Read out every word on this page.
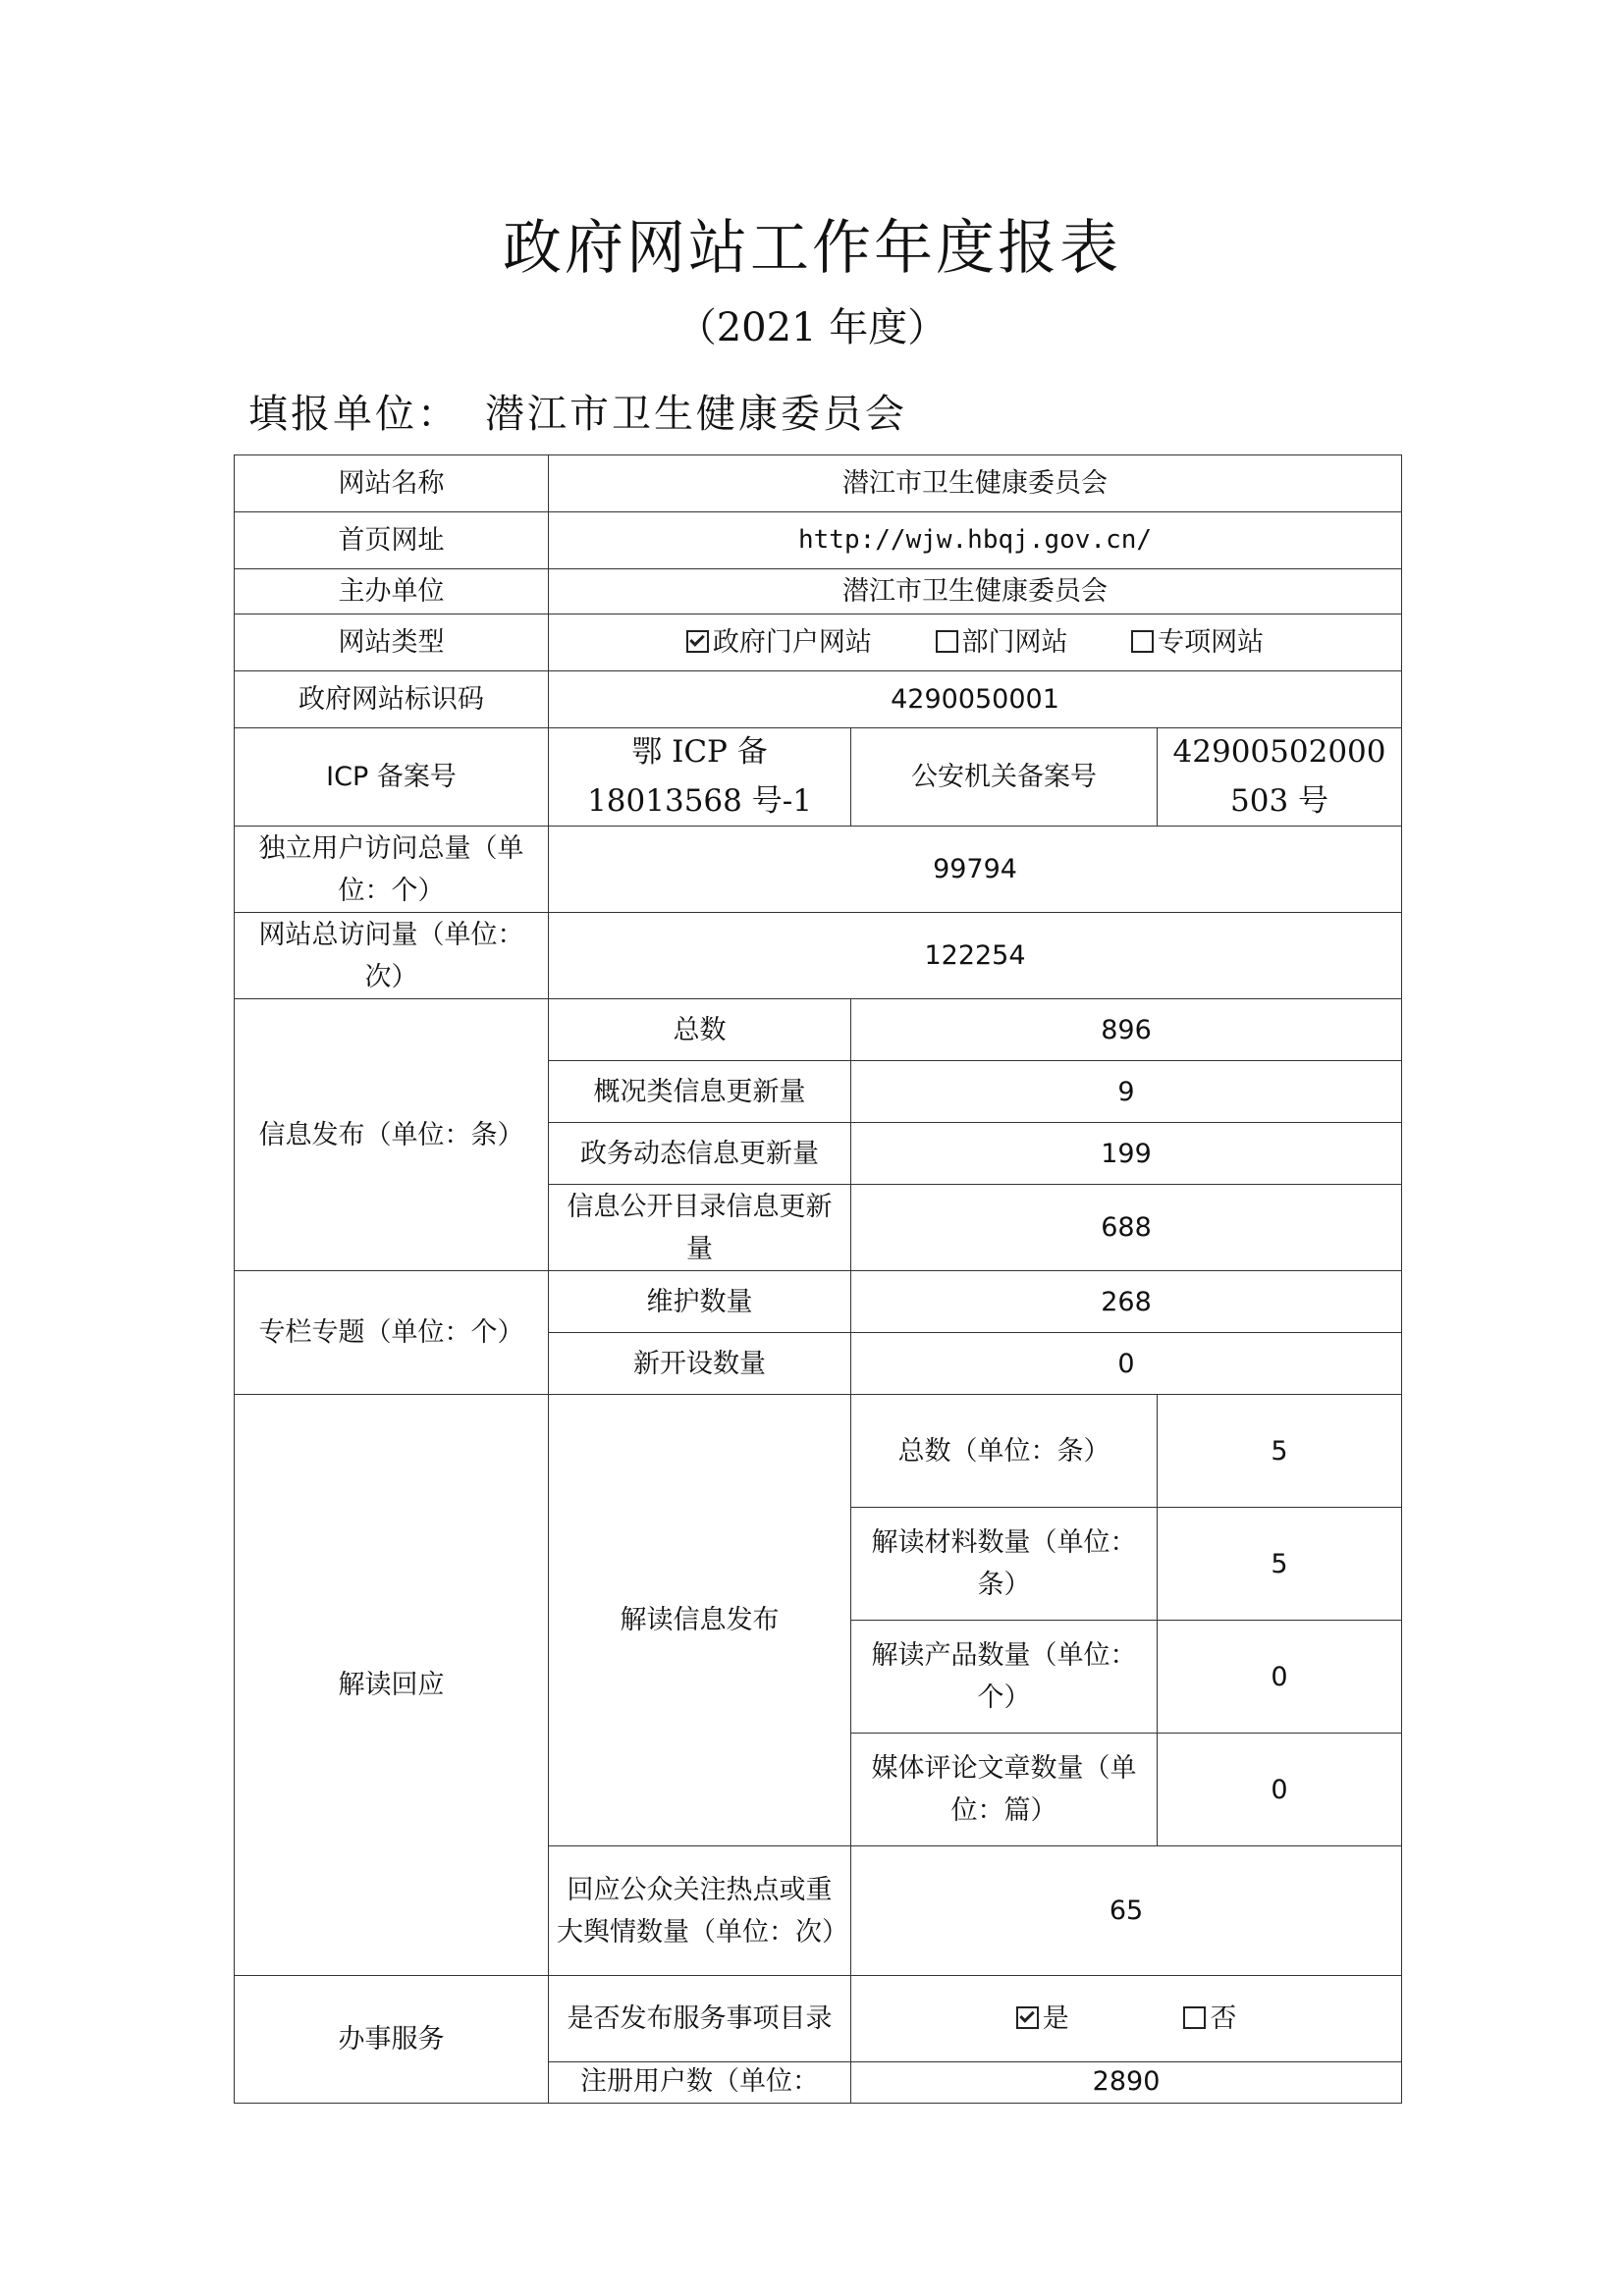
政府网站工作年度报表
（2021 年度）
填报单位： 潜江市卫生健康委员会
网站名称	潜江市卫生健康委员会		
首页网址	http://wjw.hbqj.gov.cn/		
主办单位	潜江市卫生健康委员会		
网站类型	政府门户网站 部门网站 专项网站		
政府网站标识码	4290050001		
ICP 备案号	鄂 ICP 备 18013568 号-1	公安机关备案号	42900502000503 号
独立用户访问总量（单位：个）	99794		
网站总访问量（单位：次）	122254		
信息发布（单位：条）	总数	896	
	概况类信息更新量	9	
	政务动态信息更新量	199	
	信息公开目录信息更新量	688	
专栏专题（单位：个）	维护数量	268	
	新开设数量	0	
解读回应	解读信息发布	总数（单位：条）	5
		解读材料数量（单位：条）	5
		解读产品数量（单位：个）	0
		媒体评论文章数量（单位：篇）	0
	回应公众关注热点或重大舆情数量（单位：次）	65	
办事服务	是否发布服务事项目录	是 否	
	注册用户数（单位：	2890	
